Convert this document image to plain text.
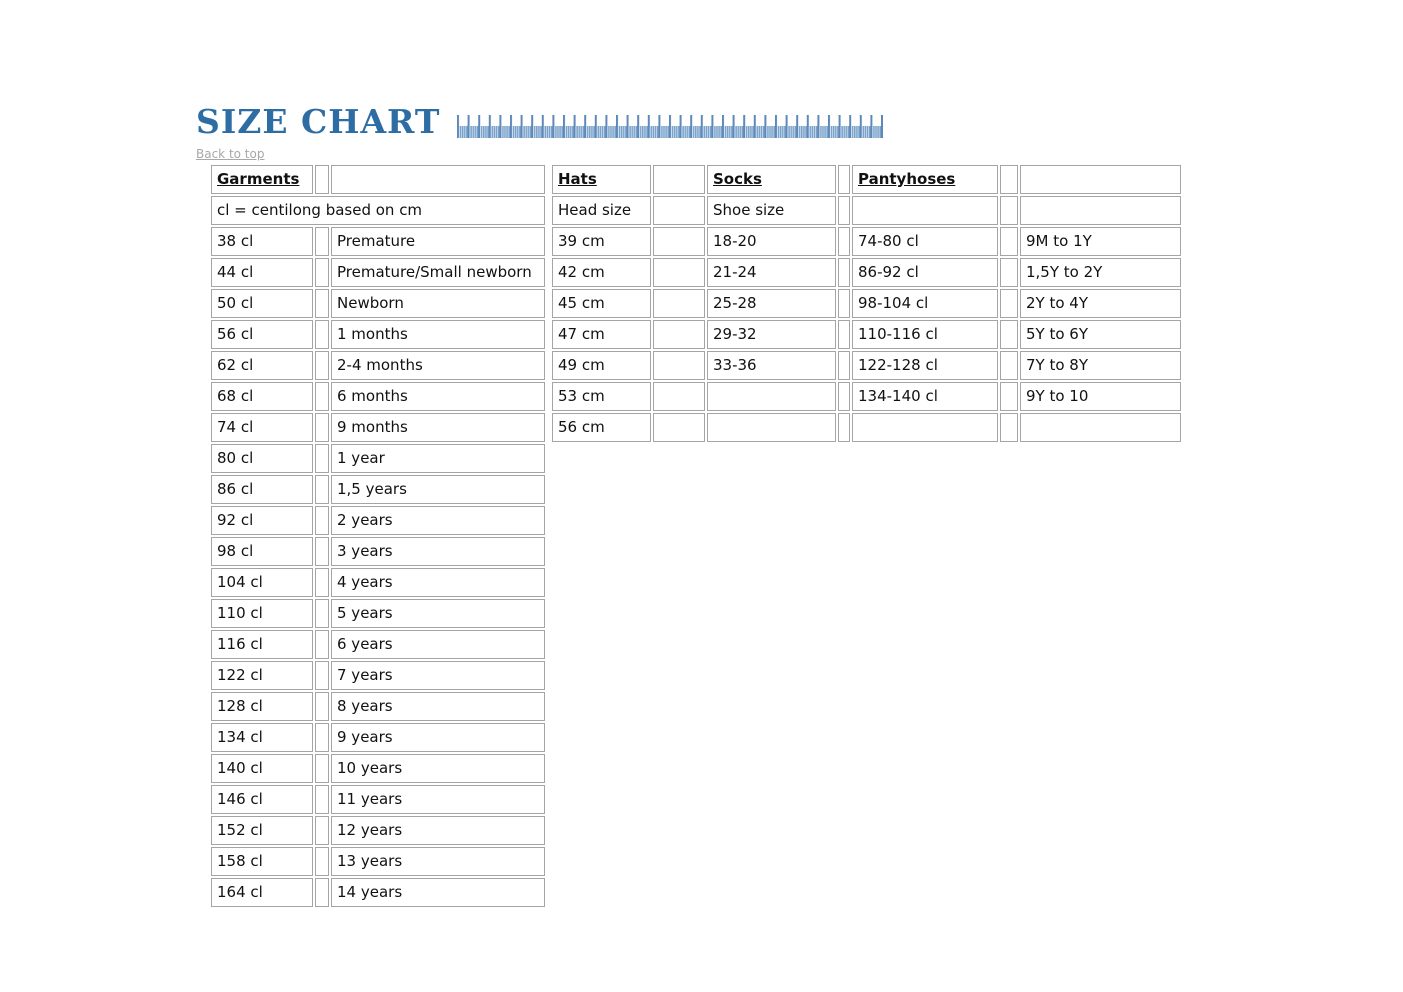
SIZE CHART
Back to top
Garments				Hats		Socks		Pantyhoses		
cl = centilong based on cm				Head size		Shoe size				
38 cl		Premature		39 cm		18-20		74-80 cl		9M to 1Y
44 cl		Premature/Small newborn		42 cm		21-24		86-92 cl		1,5Y to 2Y
50 cl		Newborn		45 cm		25-28		98-104 cl		2Y to 4Y
56 cl		1 months		47 cm		29-32		110-116 cl		5Y to 6Y
62 cl		2-4 months		49 cm		33-36		122-128 cl		7Y to 8Y
68 cl		6 months		53 cm				134-140 cl		9Y to 10
74 cl		9 months		56 cm						
80 cl		1 year								
86 cl		1,5 years								
92 cl		2 years								
98 cl		3 years								
104 cl		4 years								
110 cl		5 years								
116 cl		6 years								
122 cl		7 years								
128 cl		8 years								
134 cl		9 years								
140 cl		10 years								
146 cl		11 years								
152 cl		12 years								
158 cl		13 years								
164 cl		14 years								
